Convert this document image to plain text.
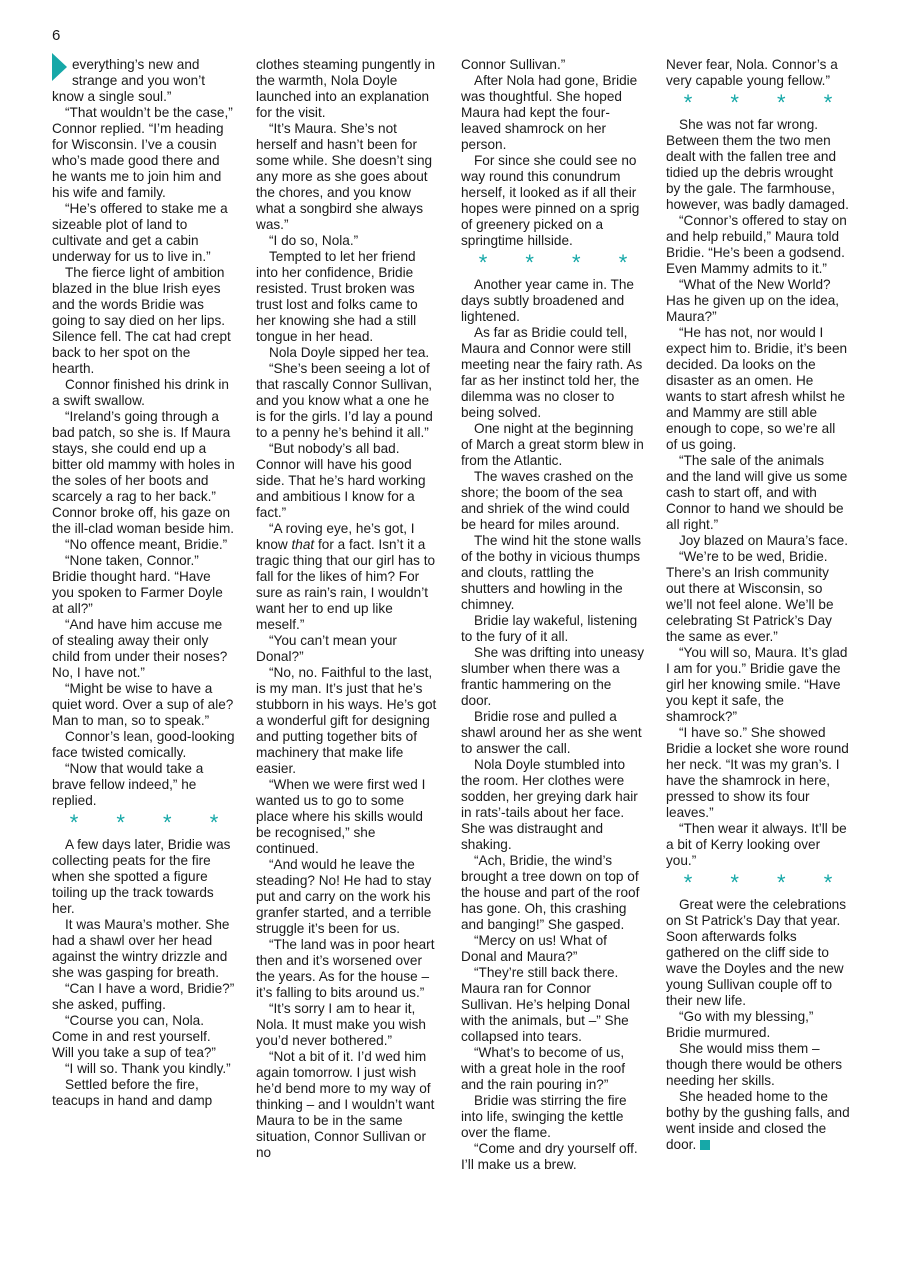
6
everything’s new and
strange and you won’t
know a single soul.”

“That wouldn’t be the case,” Connor replied. “I’m heading for Wisconsin. I’ve a cousin who’s made good there and he wants me to join him and his wife and family.

“He’s offered to stake me a sizeable plot of land to cultivate and get a cabin underway for us to live in.”

The fierce light of ambition blazed in the blue Irish eyes and the words Bridie was going to say died on her lips. Silence fell. The cat had crept back to her spot on the hearth.

Connor finished his drink in a swift swallow.

“Ireland’s going through a bad patch, so she is. If Maura stays, she could end up a bitter old mammy with holes in the soles of her boots and scarcely a rag to her back.” Connor broke off, his gaze on the ill-clad woman beside him.

“No offence meant, Bridie.”

“None taken, Connor.” Bridie thought hard. “Have you spoken to Farmer Doyle at all?”

“And have him accuse me of stealing away their only child from under their noses? No, I have not.”

“Might be wise to have a quiet word. Over a sup of ale? Man to man, so to speak.”

Connor’s lean, good-looking face twisted comically.

“Now that would take a brave fellow indeed,” he replied.

* * * *

A few days later, Bridie was collecting peats for the fire when she spotted a figure toiling up the track towards her.

It was Maura’s mother. She had a shawl over her head against the wintry drizzle and she was gasping for breath.

“Can I have a word, Bridie?” she asked, puffing.

“Course you can, Nola. Come in and rest yourself. Will you take a sup of tea?”

“I will so. Thank you kindly.”

Settled before the fire, teacups in hand and damp

clothes steaming pungently in the warmth, Nola Doyle launched into an explanation for the visit.

“It’s Maura. She’s not herself and hasn’t been for some while. She doesn’t sing any more as she goes about the chores, and you know what a songbird she always was.”

“I do so, Nola.”

Tempted to let her friend into her confidence, Bridie resisted. Trust broken was trust lost and folks came to her knowing she had a still tongue in her head.

Nola Doyle sipped her tea.

“She’s been seeing a lot of that rascally Connor Sullivan, and you know what a one he is for the girls. I’d lay a pound to a penny he’s behind it all.”

“But nobody’s all bad. Connor will have his good side. That he’s hard working and ambitious I know for a fact.”

“A roving eye, he’s got, I know that for a fact. Isn’t it a tragic thing that our girl has to fall for the likes of him? For sure as rain’s rain, I wouldn’t want her to end up like meself.”

“You can’t mean your Donal?”

“No, no. Faithful to the last, is my man. It’s just that he’s stubborn in his ways. He’s got a wonderful gift for designing and putting together bits of machinery that make life easier.

“When we were first wed I wanted us to go to some place where his skills would be recognised,” she continued.

“And would he leave the steading? No! He had to stay put and carry on the work his granfer started, and a terrible struggle it’s been for us.

“The land was in poor heart then and it’s worsened over the years. As for the house – it’s falling to bits around us.”

“It’s sorry I am to hear it, Nola. It must make you wish you’d never bothered.”

“Not a bit of it. I’d wed him again tomorrow. I just wish he’d bend more to my way of thinking – and I wouldn’t want Maura to be in the same situation, Connor Sullivan or no

Connor Sullivan.”

After Nola had gone, Bridie was thoughtful. She hoped Maura had kept the four-leaved shamrock on her person.

For since she could see no way round this conundrum herself, it looked as if all their hopes were pinned on a sprig of greenery picked on a springtime hillside.

* * * *

Another year came in. The days subtly broadened and lightened.

As far as Bridie could tell, Maura and Connor were still meeting near the fairy rath. As far as her instinct told her, the dilemma was no closer to being solved.

One night at the beginning of March a great storm blew in from the Atlantic.

The waves crashed on the shore; the boom of the sea and shriek of the wind could be heard for miles around.

The wind hit the stone walls of the bothy in vicious thumps and clouts, rattling the shutters and howling in the chimney.

Bridie lay wakeful, listening to the fury of it all.

She was drifting into uneasy slumber when there was a frantic hammering on the door.

Bridie rose and pulled a shawl around her as she went to answer the call.

Nola Doyle stumbled into the room. Her clothes were sodden, her greying dark hair in rats’-tails about her face. She was distraught and shaking.

“Ach, Bridie, the wind’s brought a tree down on top of the house and part of the roof has gone. Oh, this crashing and banging!” She gasped.

“Mercy on us! What of Donal and Maura?”

“They’re still back there. Maura ran for Connor Sullivan. He’s helping Donal with the animals, but –” She collapsed into tears.

“What’s to become of us, with a great hole in the roof and the rain pouring in?”

Bridie was stirring the fire into life, swinging the kettle over the flame.

“Come and dry yourself off. I’ll make us a brew.

Never fear, Nola. Connor’s a very capable young fellow.”

* * * *

She was not far wrong. Between them the two men dealt with the fallen tree and tidied up the debris wrought by the gale. The farmhouse, however, was badly damaged.

“Connor’s offered to stay on and help rebuild,” Maura told Bridie. “He’s been a godsend. Even Mammy admits to it.”

“What of the New World? Has he given up on the idea, Maura?”

“He has not, nor would I expect him to. Bridie, it’s been decided. Da looks on the disaster as an omen. He wants to start afresh whilst he and Mammy are still able enough to cope, so we’re all of us going.

“The sale of the animals and the land will give us some cash to start off, and with Connor to hand we should be all right.”

Joy blazed on Maura’s face.

“We’re to be wed, Bridie. There’s an Irish community out there at Wisconsin, so we’ll not feel alone. We’ll be celebrating St Patrick’s Day the same as ever.”

“You will so, Maura. It’s glad I am for you.” Bridie gave the girl her knowing smile. “Have you kept it safe, the shamrock?”

“I have so.” She showed Bridie a locket she wore round her neck. “It was my gran’s. I have the shamrock in here, pressed to show its four leaves.”

“Then wear it always. It’ll be a bit of Kerry looking over you.”

* * * *

Great were the celebrations on St Patrick’s Day that year. Soon afterwards folks gathered on the cliff side to wave the Doyles and the new young Sullivan couple off to their new life.

“Go with my blessing,” Bridie murmured.

She would miss them – though there would be others needing her skills.

She headed home to the bothy by the gushing falls, and went inside and closed the door.
